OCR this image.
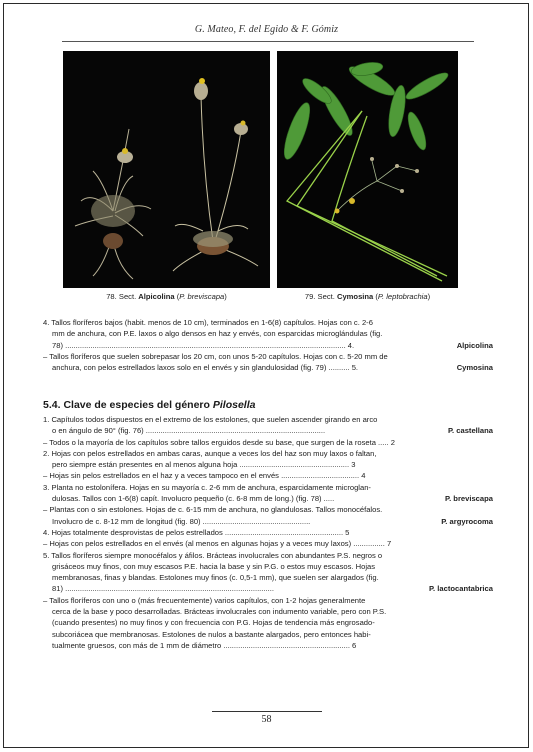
G. Mateo, F. del Egido & F. Gómiz
78. Sect. Alpicolina (P. breviscapa)	79. Sect. Cymosina (P. leptobrachia)
4. Tallos floríferos bajos (habit. menos de 10 cm), terminados en 1-6(8) capítulos. Hojas con c. 2-6
mm de anchura, con P.E. laxos o algo densos en haz y envés, con esparcidas microglándulas (fig.
78) ..................................................................................................................................... 4.	Alpicolina
– Tallos floríferos que suelen sobrepasar los 20 cm, con unos 5-20 capítulos. Hojas con c. 5-20 mm de
anchura, con pelos estrellados laxos solo en el envés y sin glandulosidad (fig. 79) .......... 5.	Cymosina
5.4. Clave de especies del género Pilosella
1. Capítulos todos dispuestos en el extremo de los estolones, que suelen ascender girando en arco
o en ángulo de 90° (fig. 76) .....................................................................................	P. castellana
– Todos o la mayoría de los capítulos sobre tallos erguidos desde su base, que surgen de la roseta ..... 2
2. Hojas con pelos estrellados en ambas caras, aunque a veces los del haz son muy laxos o faltan,
pero siempre están presentes en al menos alguna hoja .................................................... 3
– Hojas sin pelos estrellados en el haz y a veces tampoco en el envés ..................................... 4
3. Planta no estolonífera. Hojas en su mayoría c. 2-6 mm de anchura, esparcidamente microglan-
dulosas. Tallos con 1-6(8) capít. Involucro pequeño (c. 6-8 mm de long.) (fig. 78) .....	P. breviscapa
– Plantas con o sin estolones. Hojas de c. 6-15 mm de anchura, no glandulosas. Tallos monocéfalos.
Involucro de c. 8-12 mm de longitud (fig. 80) ...................................................	P. argyrocoma
4. Hojas totalmente desprovistas de pelos estrellados ........................................................ 5
– Hojas con pelos estrellados en el envés (al menos en algunas hojas y a veces muy laxos) ............... 7
5. Tallos floríferos siempre monocéfalos y áfilos. Brácteas involucrales con abundantes P.S. negros o
grisáceos muy finos, con muy escasos P.E. hacia la base y sin P.G. o estos muy escasos. Hojas
membranosas, finas y blandas. Estolones muy finos (c. 0,5-1 mm), que suelen ser alargados (fig.
81) ...................................................................................................	P. lactocantabrica
– Tallos floríferos con uno o (más frecuentemente) varios capítulos, con 1-2 hojas generalmente
cerca de la base y poco desarrolladas. Brácteas involucrales con indumento variable, pero con P.S.
(cuando presentes) no muy finos y con frecuencia con P.G. Hojas de tendencia más engrosado-
subcoriácea que membranosas. Estolones de nulos a bastante alargados, pero entonces habi-
tualmente gruesos, con más de 1 mm de diámetro ............................................................ 6
58
